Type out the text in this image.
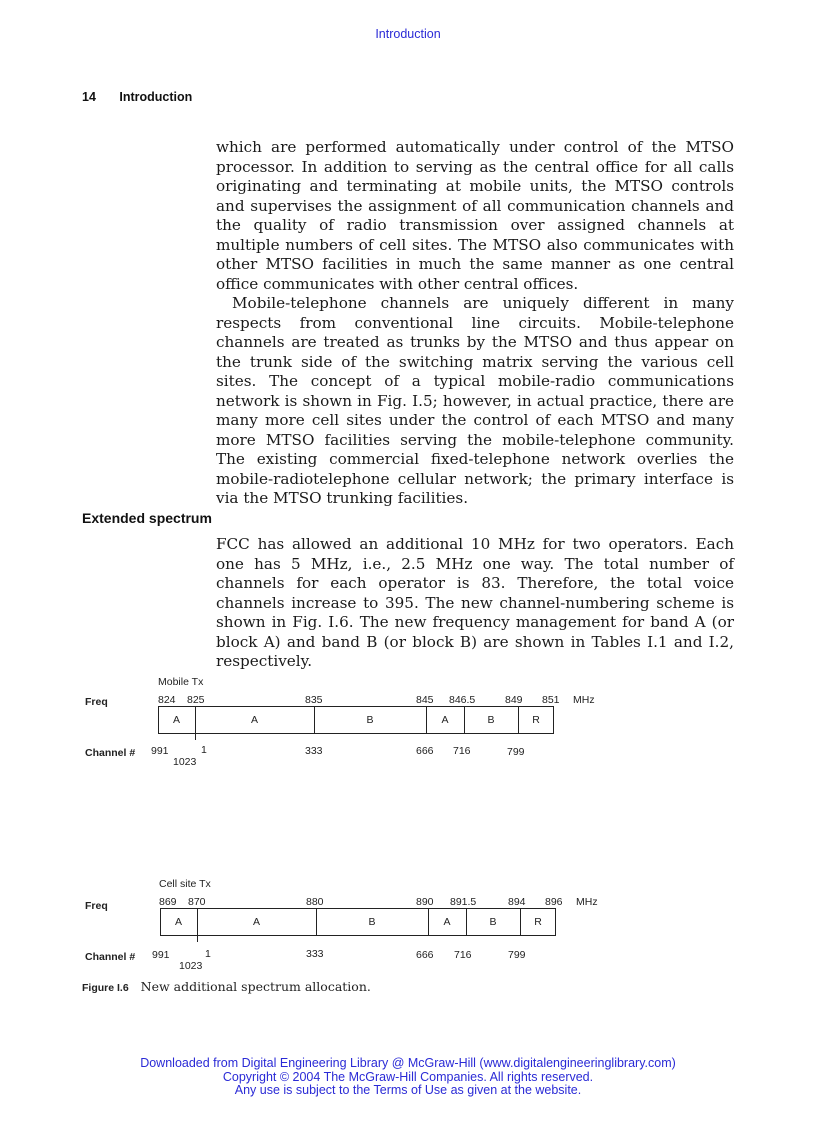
Introduction
14 Introduction

which are performed automatically under control of the MTSO processor. In addition to serving as the central office for all calls originating and terminating at mobile units, the MTSO controls and supervises the assignment of all communication channels and the quality of radio transmission over assigned channels at multiple numbers of cell sites. The MTSO also communicates with other MTSO facilities in much the same manner as one central office communicates with other central offices.

Mobile-telephone channels are uniquely different in many respects from conventional line circuits. Mobile-telephone channels are treated as trunks by the MTSO and thus appear on the trunk side of the switching matrix serving the various cell sites. The concept of a typical mobile-radio communications network is shown in Fig. I.5; however, in actual practice, there are many more cell sites under the control of each MTSO and many more MTSO facilities serving the mobile-telephone community. The existing commercial fixed-telephone network overlies the mobile-radiotelephone cellular network; the primary interface is via the MTSO trunking facilities.

Extended spectrum

FCC has allowed an additional 10 MHz for two operators. Each one has 5 MHz, i.e., 2.5 MHz one way. The total number of channels for each operator is 83. Therefore, the total voice channels increase to 395. The new channel-numbering scheme is shown in Fig. I.6. The new frequency management for band A (or block A) and band B (or block B) are shown in Tables I.1 and I.2, respectively.

Mobile Tx
Freq	824 825	835	845 846.5	849 851 MHz
A	A	B	A	B	R
Channel # 991	1
1023
333	666 716	799
Cell site Tx
Freq	869 870	880	890 891.5	894 896 MHz
A	A	B	A	B	R
Channel # 991	1
1023
333	666 716	799
Figure I.6 New additional spectrum allocation.
Downloaded from Digital Engineering Library @ McGraw-Hill (www.digitalengineeringlibrary.com)
Copyright © 2004 The McGraw-Hill Companies. All rights reserved.
Any use is subject to the Terms of Use as given at the website.
